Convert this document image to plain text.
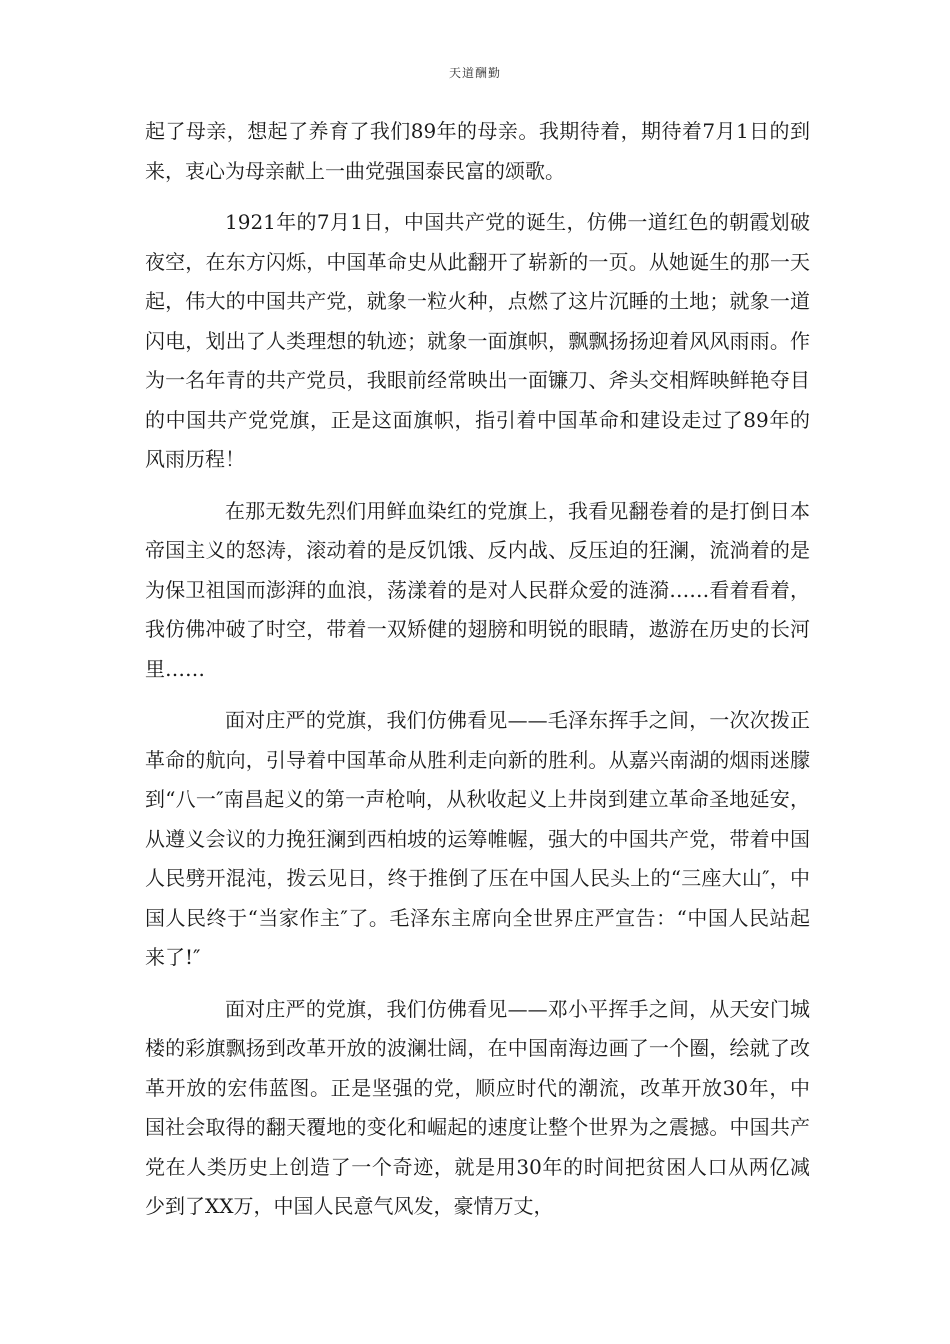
天道酬勤

起了母亲，想起了养育了我们89年的母亲。我期待着，期待着7月1日的到来，衷心为母亲献上一曲党强国泰民富的颂歌。

1921年的7月1日，中国共产党的诞生，仿佛一道红色的朝霞划破夜空，在东方闪烁，中国革命史从此翻开了崭新的一页。从她诞生的那一天起，伟大的中国共产党，就象一粒火种，点燃了这片沉睡的土地；就象一道闪电，划出了人类理想的轨迹；就象一面旗帜，飘飘扬扬迎着风风雨雨。作为一名年青的共产党员，我眼前经常映出一面镰刀、斧头交相辉映鲜艳夺目的中国共产党党旗，正是这面旗帜，指引着中国革命和建设走过了89年的风雨历程！

在那无数先烈们用鲜血染红的党旗上，我看见翻卷着的是打倒日本帝国主义的怒涛，滚动着的是反饥饿、反内战、反压迫的狂澜，流淌着的是为保卫祖国而澎湃的血浪，荡漾着的是对人民群众爱的涟漪……看着看着，我仿佛冲破了时空，带着一双矫健的翅膀和明锐的眼睛，遨游在历史的长河里……

面对庄严的党旗，我们仿佛看见——毛泽东挥手之间，一次次拨正革命的航向，引导着中国革命从胜利走向新的胜利。从嘉兴南湖的烟雨迷朦到“八一″南昌起义的第一声枪响，从秋收起义上井岗到建立革命圣地延安，从遵义会议的力挽狂澜到西柏坡的运筹帷幄，强大的中国共产党，带着中国人民劈开混沌，拨云见日，终于推倒了压在中国人民头上的“三座大山″，中国人民终于“当家作主″了。毛泽东主席向全世界庄严宣告：“中国人民站起来了!″

面对庄严的党旗，我们仿佛看见——邓小平挥手之间，从天安门城楼的彩旗飘扬到改革开放的波澜壮阔，在中国南海边画了一个圈，绘就了改革开放的宏伟蓝图。正是坚强的党，顺应时代的潮流，改革开放30年，中国社会取得的翻天覆地的变化和崛起的速度让整个世界为之震撼。中国共产党在人类历史上创造了一个奇迹，就是用30年的时间把贫困人口从两亿减少到了XX万，中国人民意气风发，豪情万丈，
